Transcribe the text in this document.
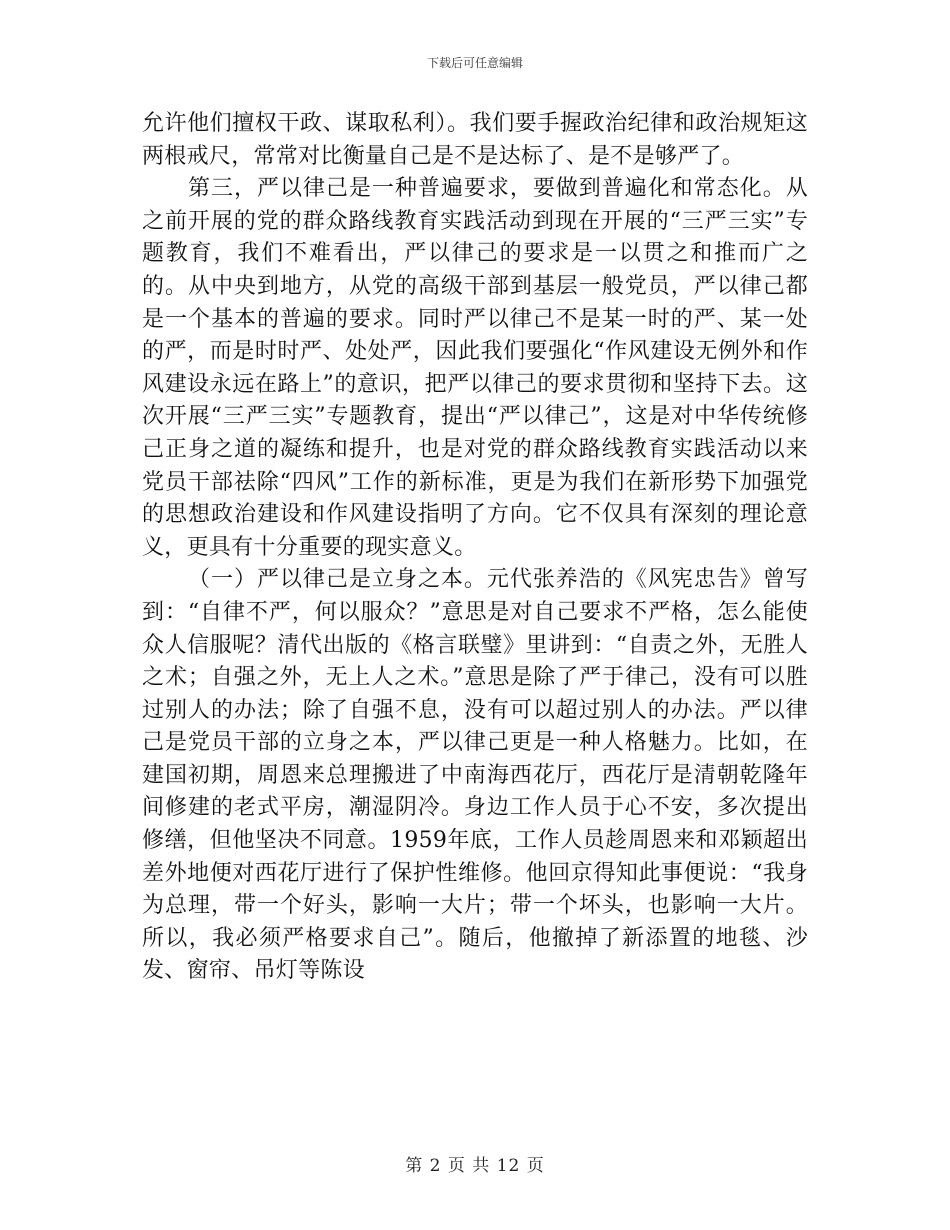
下载后可任意编辑

允许他们擅权干政、谋取私利）。我们要手握政治纪律和政治规矩这两根戒尺，常常对比衡量自己是不是达标了、是不是够严了。

第三，严以律己是一种普遍要求，要做到普遍化和常态化。从之前开展的党的群众路线教育实践活动到现在开展的“三严三实”专题教育，我们不难看出，严以律己的要求是一以贯之和推而广之的。从中央到地方，从党的高级干部到基层一般党员，严以律己都是一个基本的普遍的要求。同时严以律己不是某一时的严、某一处的严，而是时时严、处处严，因此我们要强化“作风建设无例外和作风建设永远在路上”的意识，把严以律己的要求贯彻和坚持下去。这次开展“三严三实”专题教育，提出“严以律己”，这是对中华传统修己正身之道的凝练和提升，也是对党的群众路线教育实践活动以来党员干部祛除“四风”工作的新标准，更是为我们在新形势下加强党的思想政治建设和作风建设指明了方向。它不仅具有深刻的理论意义，更具有十分重要的现实意义。

（一）严以律己是立身之本。元代张养浩的《风宪忠告》曾写到：“自律不严，何以服众？”意思是对自己要求不严格，怎么能使众人信服呢？清代出版的《格言联璧》里讲到：“自责之外，无胜人之术；自强之外，无上人之术。”意思是除了严于律己，没有可以胜过别人的办法；除了自强不息，没有可以超过别人的办法。严以律己是党员干部的立身之本，严以律己更是一种人格魅力。比如，在建国初期，周恩来总理搬进了中南海西花厅，西花厅是清朝乾隆年间修建的老式平房，潮湿阴冷。身边工作人员于心不安，多次提出修缮，但他坚决不同意。1959年底，工作人员趁周恩来和邓颖超出差外地便对西花厅进行了保护性维修。他回京得知此事便说：“我身为总理，带一个好头，影响一大片；带一个坏头，也影响一大片。所以，我必须严格要求自己”。随后，他撤掉了新添置的地毯、沙发、窗帘、吊灯等陈设

第 2 页 共 12 页
